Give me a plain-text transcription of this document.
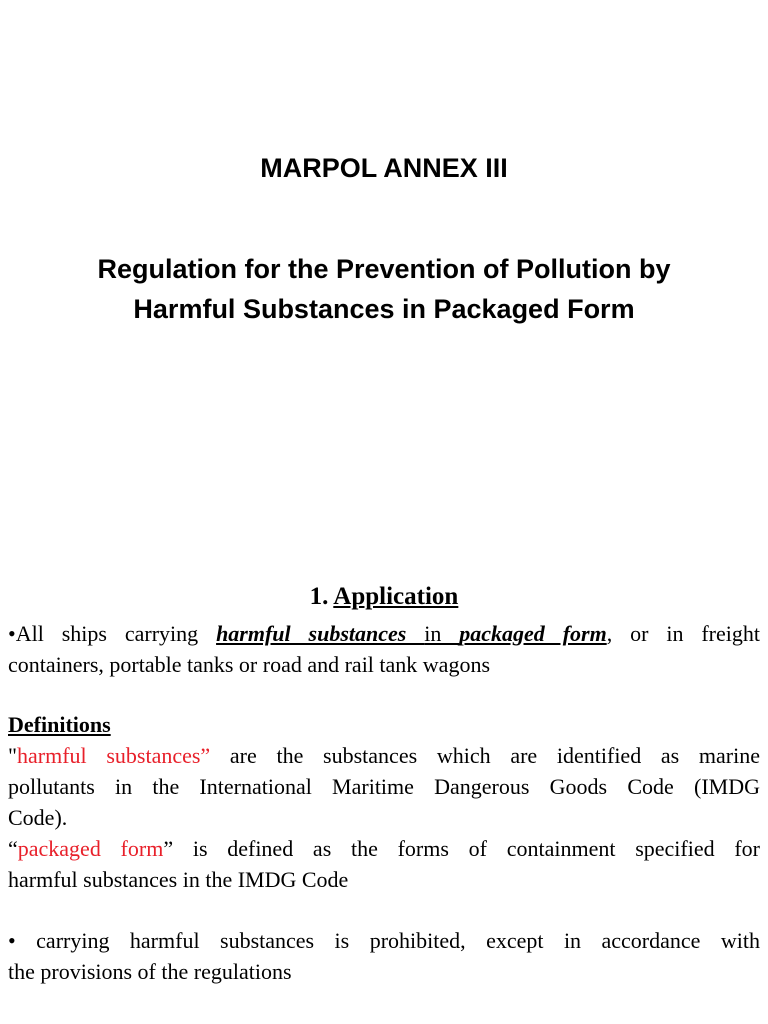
MARPOL ANNEX III
Regulation for the Prevention of Pollution by
Harmful Substances in Packaged Form
1. Application
•All ships carrying harmful substances in packaged form, or in freight
containers, portable tanks or road and rail tank wagons
Definitions
"harmful substances” are the substances which are identified as marine
pollutants in the International Maritime Dangerous Goods Code (IMDG
Code).
“packaged form” is defined as the forms of containment specified for
harmful substances in the IMDG Code
• carrying harmful substances is prohibited, except in accordance with
the provisions of the regulations
